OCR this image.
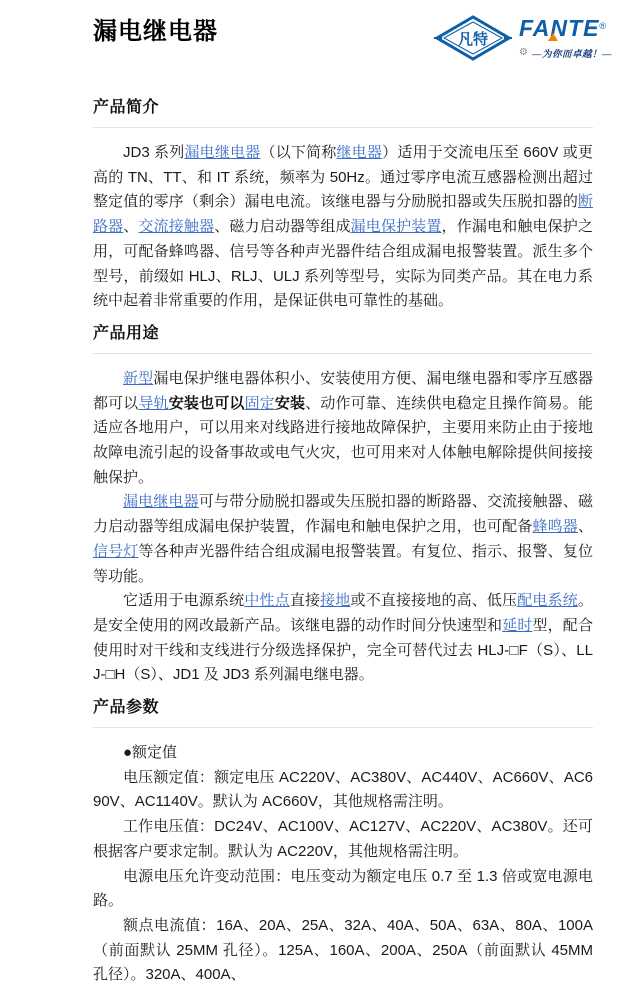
漏电继电器	凡特 FANTE®
⚙ —为你而卓越！—
产品简介

JD3 系列漏电继电器（以下简称继电器）适用于交流电压至 660V 或更高的 TN、TT、和 IT 系统，频率为 50Hz。通过零序电流互感器检测出超过整定值的零序（剩余）漏电电流。该继电器与分励脱扣器或失压脱扣器的断路器、交流接触器、磁力启动器等组成漏电保护装置，作漏电和触电保护之用，可配备蜂鸣器、信号等各种声光器件结合组成漏电报警装置。派生多个型号，前缀如 HLJ、RLJ、ULJ 系列等型号，实际为同类产品。其在电力系统中起着非常重要的作用，是保证供电可靠性的基础。

产品用途

新型漏电保护继电器体积小、安装使用方便、漏电继电器和零序互感器都可以导轨安装也可以固定安装、动作可靠、连续供电稳定且操作简易。能适应各地用户，可以用来对线路进行接地故障保护，主要用来防止由于接地故障电流引起的设备事故或电气火灾，也可用来对人体触电解除提供间接接触保护。

漏电继电器可与带分励脱扣器或失压脱扣器的断路器、交流接触器、磁力启动器等组成漏电保护装置，作漏电和触电保护之用，也可配备蜂鸣器、信号灯等各种声光器件结合组成漏电报警装置。有复位、指示、报警、复位等功能。

它适用于电源系统中性点直接接地或不直接接地的高、低压配电系统。是安全使用的网改最新产品。该继电器的动作时间分快速型和延时型，配合使用时对干线和支线进行分级选择保护，完全可替代过去 HLJ-□F（S）、LLJ-□H（S）、JD1 及 JD3 系列漏电继电器。

产品参数

●额定值

电压额定值：额定电压 AC220V、AC380V、AC440V、AC660V、AC690V、AC1140V。默认为 AC660V，其他规格需注明。

工作电压值：DC24V、AC100V、AC127V、AC220V、AC380V。还可根据客户要求定制。默认为 AC220V，其他规格需注明。

电源电压允许变动范围：电压变动为额定电压 0.7 至 1.3 倍或宽电源电路。

额点电流值：16A、20A、25A、32A、40A、50A、63A、80A、100A（前面默认 25MM 孔径）。125A、160A、200A、250A（前面默认 45MM 孔径）。320A、400A、
